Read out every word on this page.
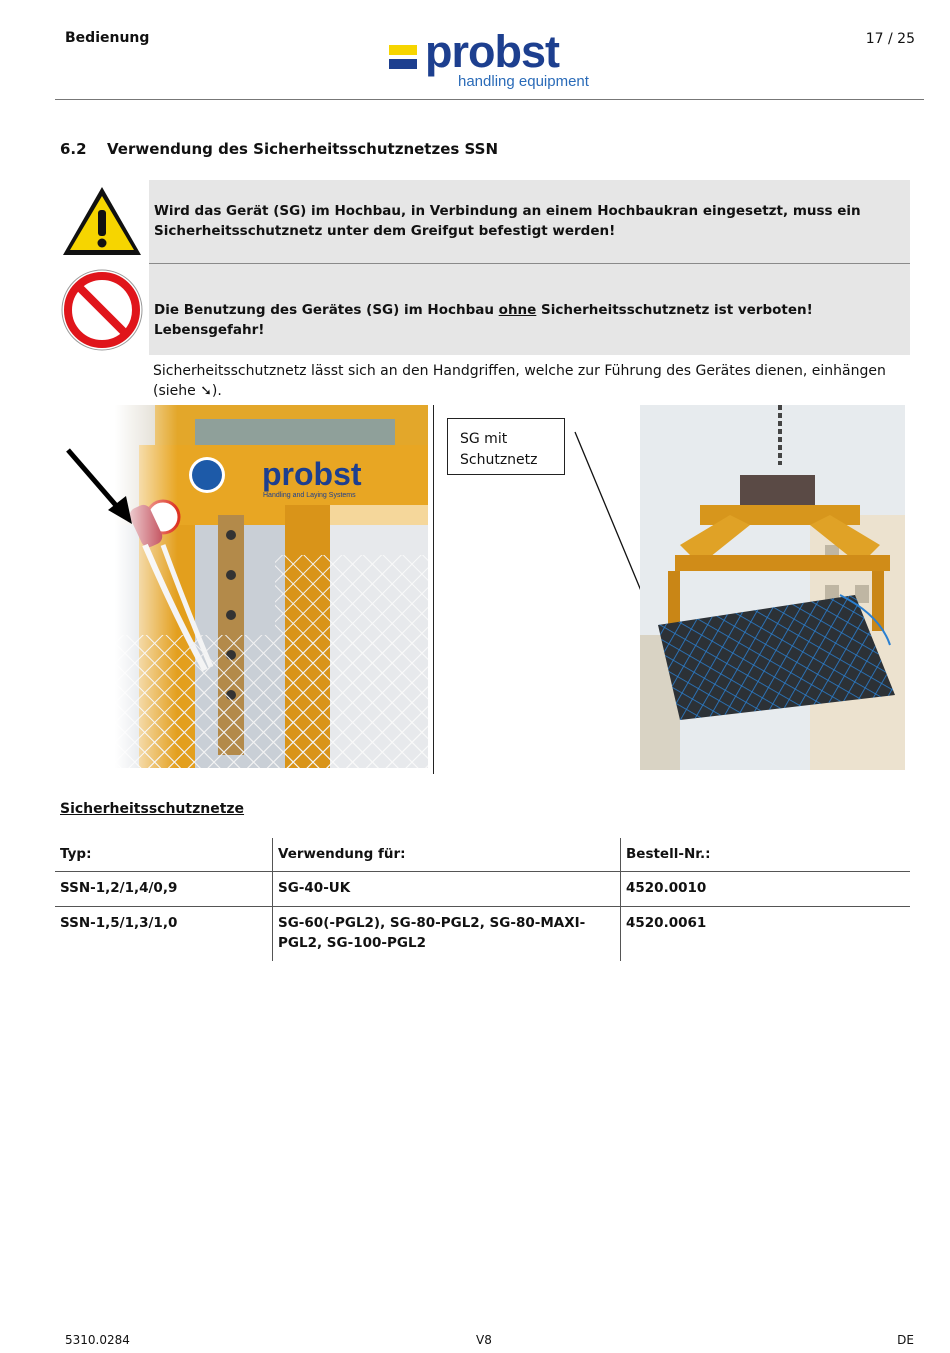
Bedienung	17 / 25
probst
handling equipment
6.2 Verwendung des Sicherheitsschutznetzes SSN
Wird das Gerät (SG) im Hochbau, in Verbindung an einem Hochbaukran eingesetzt, muss ein Sicherheitsschutznetz unter dem Greifgut befestigt werden!
Die Benutzung des Gerätes (SG) im Hochbau ohne Sicherheitsschutznetz ist verboten! Lebensgefahr!
Sicherheitsschutznetz lässt sich an den Handgriffen, welche zur Führung des Gerätes dienen, einhängen (siehe ➘).
SG mit
Schutznetz
Sicherheitsschutznetze
Typ:	Verwendung für:	Bestell-Nr.:
SSN-1,2/1,4/0,9	SG-40-UK	4520.0010
SSN-1,5/1,3/1,0	SG-60(-PGL2), SG-80-PGL2, SG-80-MAXI-PGL2, SG-100-PGL2	4520.0061
5310.0284	V8	DE
